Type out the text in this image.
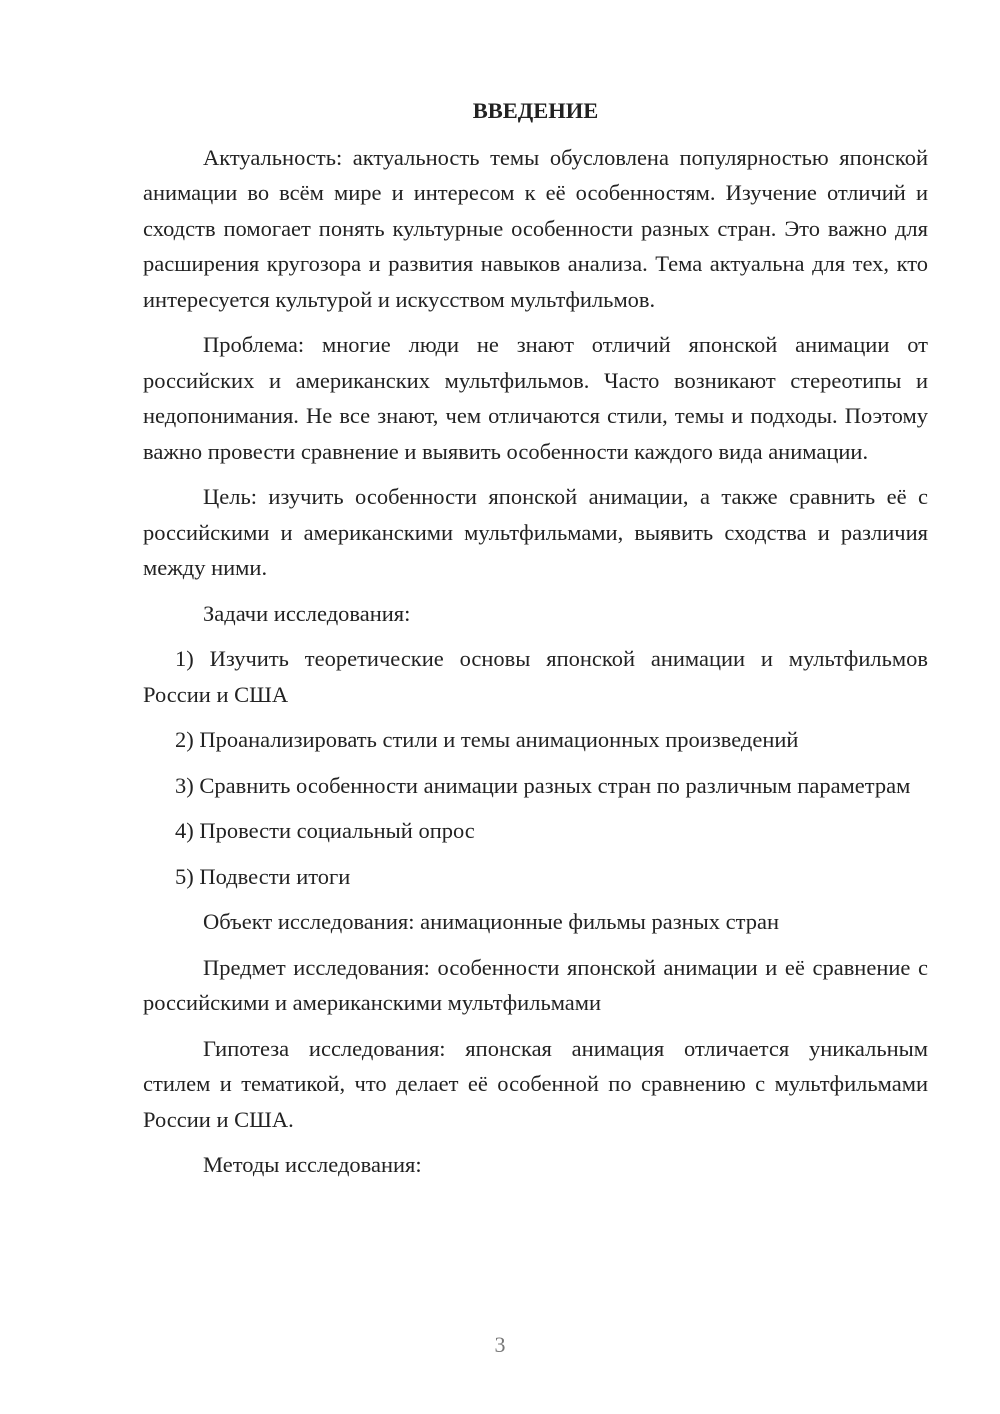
ВВЕДЕНИЕ

Актуальность: актуальность темы обусловлена популярностью японской анимации во всём мире и интересом к её особенностям. Изучение отличий и сходств помогает понять культурные особенности разных стран. Это важно для расширения кругозора и развития навыков анализа. Тема актуальна для тех, кто интересуется культурой и искусством мультфильмов.

Проблема: многие люди не знают отличий японской анимации от российских и американских мультфильмов. Часто возникают стереотипы и недопонимания. Не все знают, чем отличаются стили, темы и подходы. Поэтому важно провести сравнение и выявить особенности каждого вида анимации.

Цель: изучить особенности японской анимации, а также сравнить её с российскими и американскими мультфильмами, выявить сходства и различия между ними.

Задачи исследования:

1) Изучить теоретические основы японской анимации и мультфильмов России и США

2) Проанализировать стили и темы анимационных произведений

3) Сравнить особенности анимации разных стран по различным параметрам

4) Провести социальный опрос

5) Подвести итоги

Объект исследования: анимационные фильмы разных стран

Предмет исследования: особенности японской анимации и её сравнение с российскими и американскими мультфильмами

Гипотеза исследования: японская анимация отличается уникальным стилем и тематикой, что делает её особенной по сравнению с мультфильмами России и США.

Методы исследования:

3
